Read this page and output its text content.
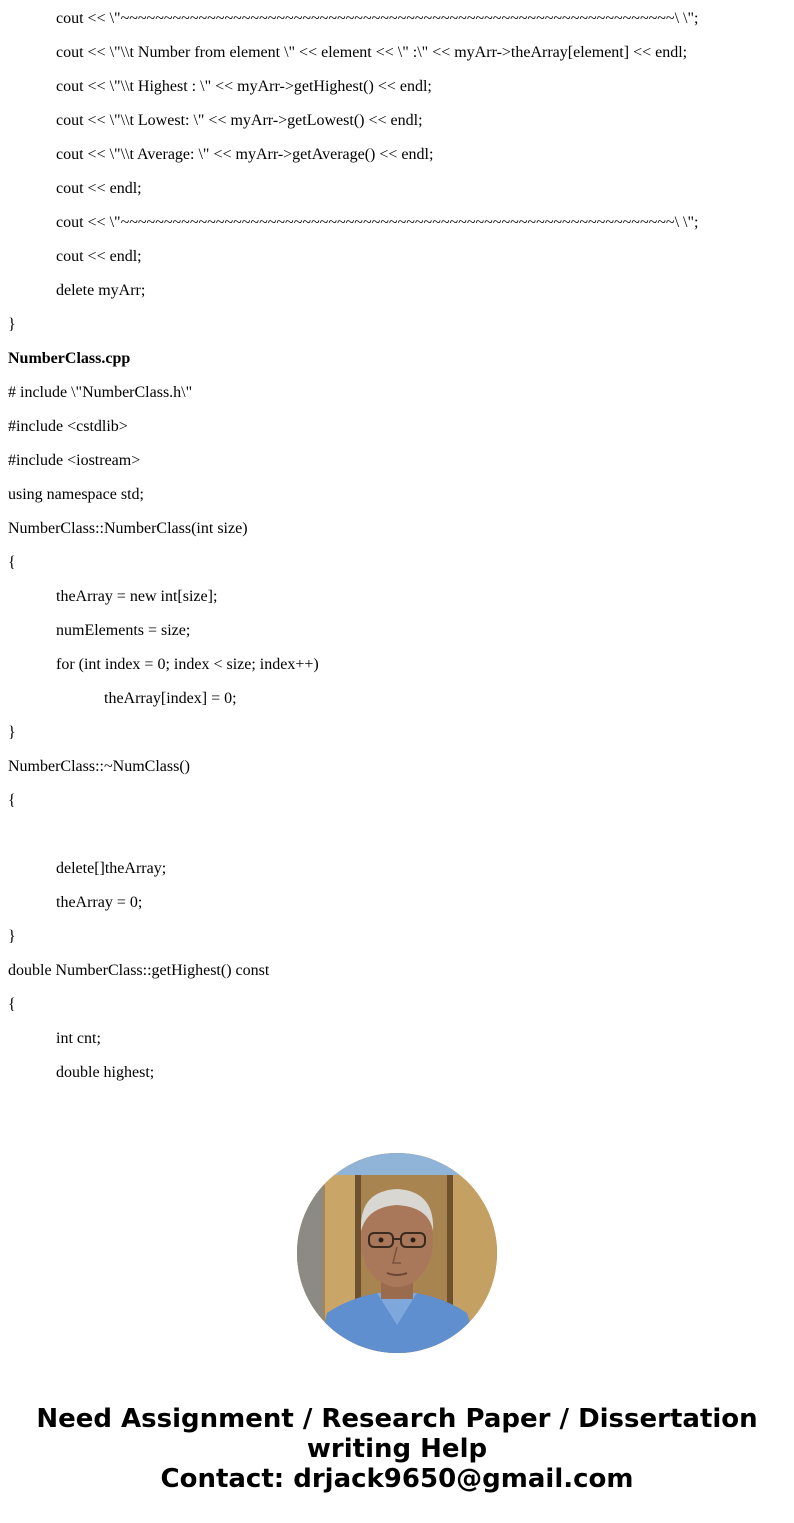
cout << \"~~~~~~~~~~~~~~~~~~~~~~~~~~~~~~~~~~~~~~~~~~~~~~~~~~~~~~~~~~~~~~~~\ \";
cout << \"\\t Number from element \" << element << \" :\" << myArr->theArray[element] << endl;
cout << \"\\t Highest : \" << myArr->getHighest() << endl;
cout << \"\\t Lowest: \" << myArr->getLowest() << endl;
cout << \"\\t Average: \" << myArr->getAverage() << endl;
cout << endl;
cout << \"~~~~~~~~~~~~~~~~~~~~~~~~~~~~~~~~~~~~~~~~~~~~~~~~~~~~~~~~~~~~~~~~\ \";
cout << endl;
delete myArr;
}
NumberClass.cpp
# include \"NumberClass.h\"
#include <cstdlib>
#include <iostream>
using namespace std;
NumberClass::NumberClass(int size)
{
theArray = new int[size];
numElements = size;
for (int index = 0; index < size; index++)
theArray[index] = 0;
}
NumberClass::~NumClass()
{
delete[]theArray;
theArray = 0;
}
double NumberClass::getHighest() const
{
int cnt;
double highest;
Need Assignment / Research Paper / Dissertation
writing Help
Contact: drjack9650@gmail.com
